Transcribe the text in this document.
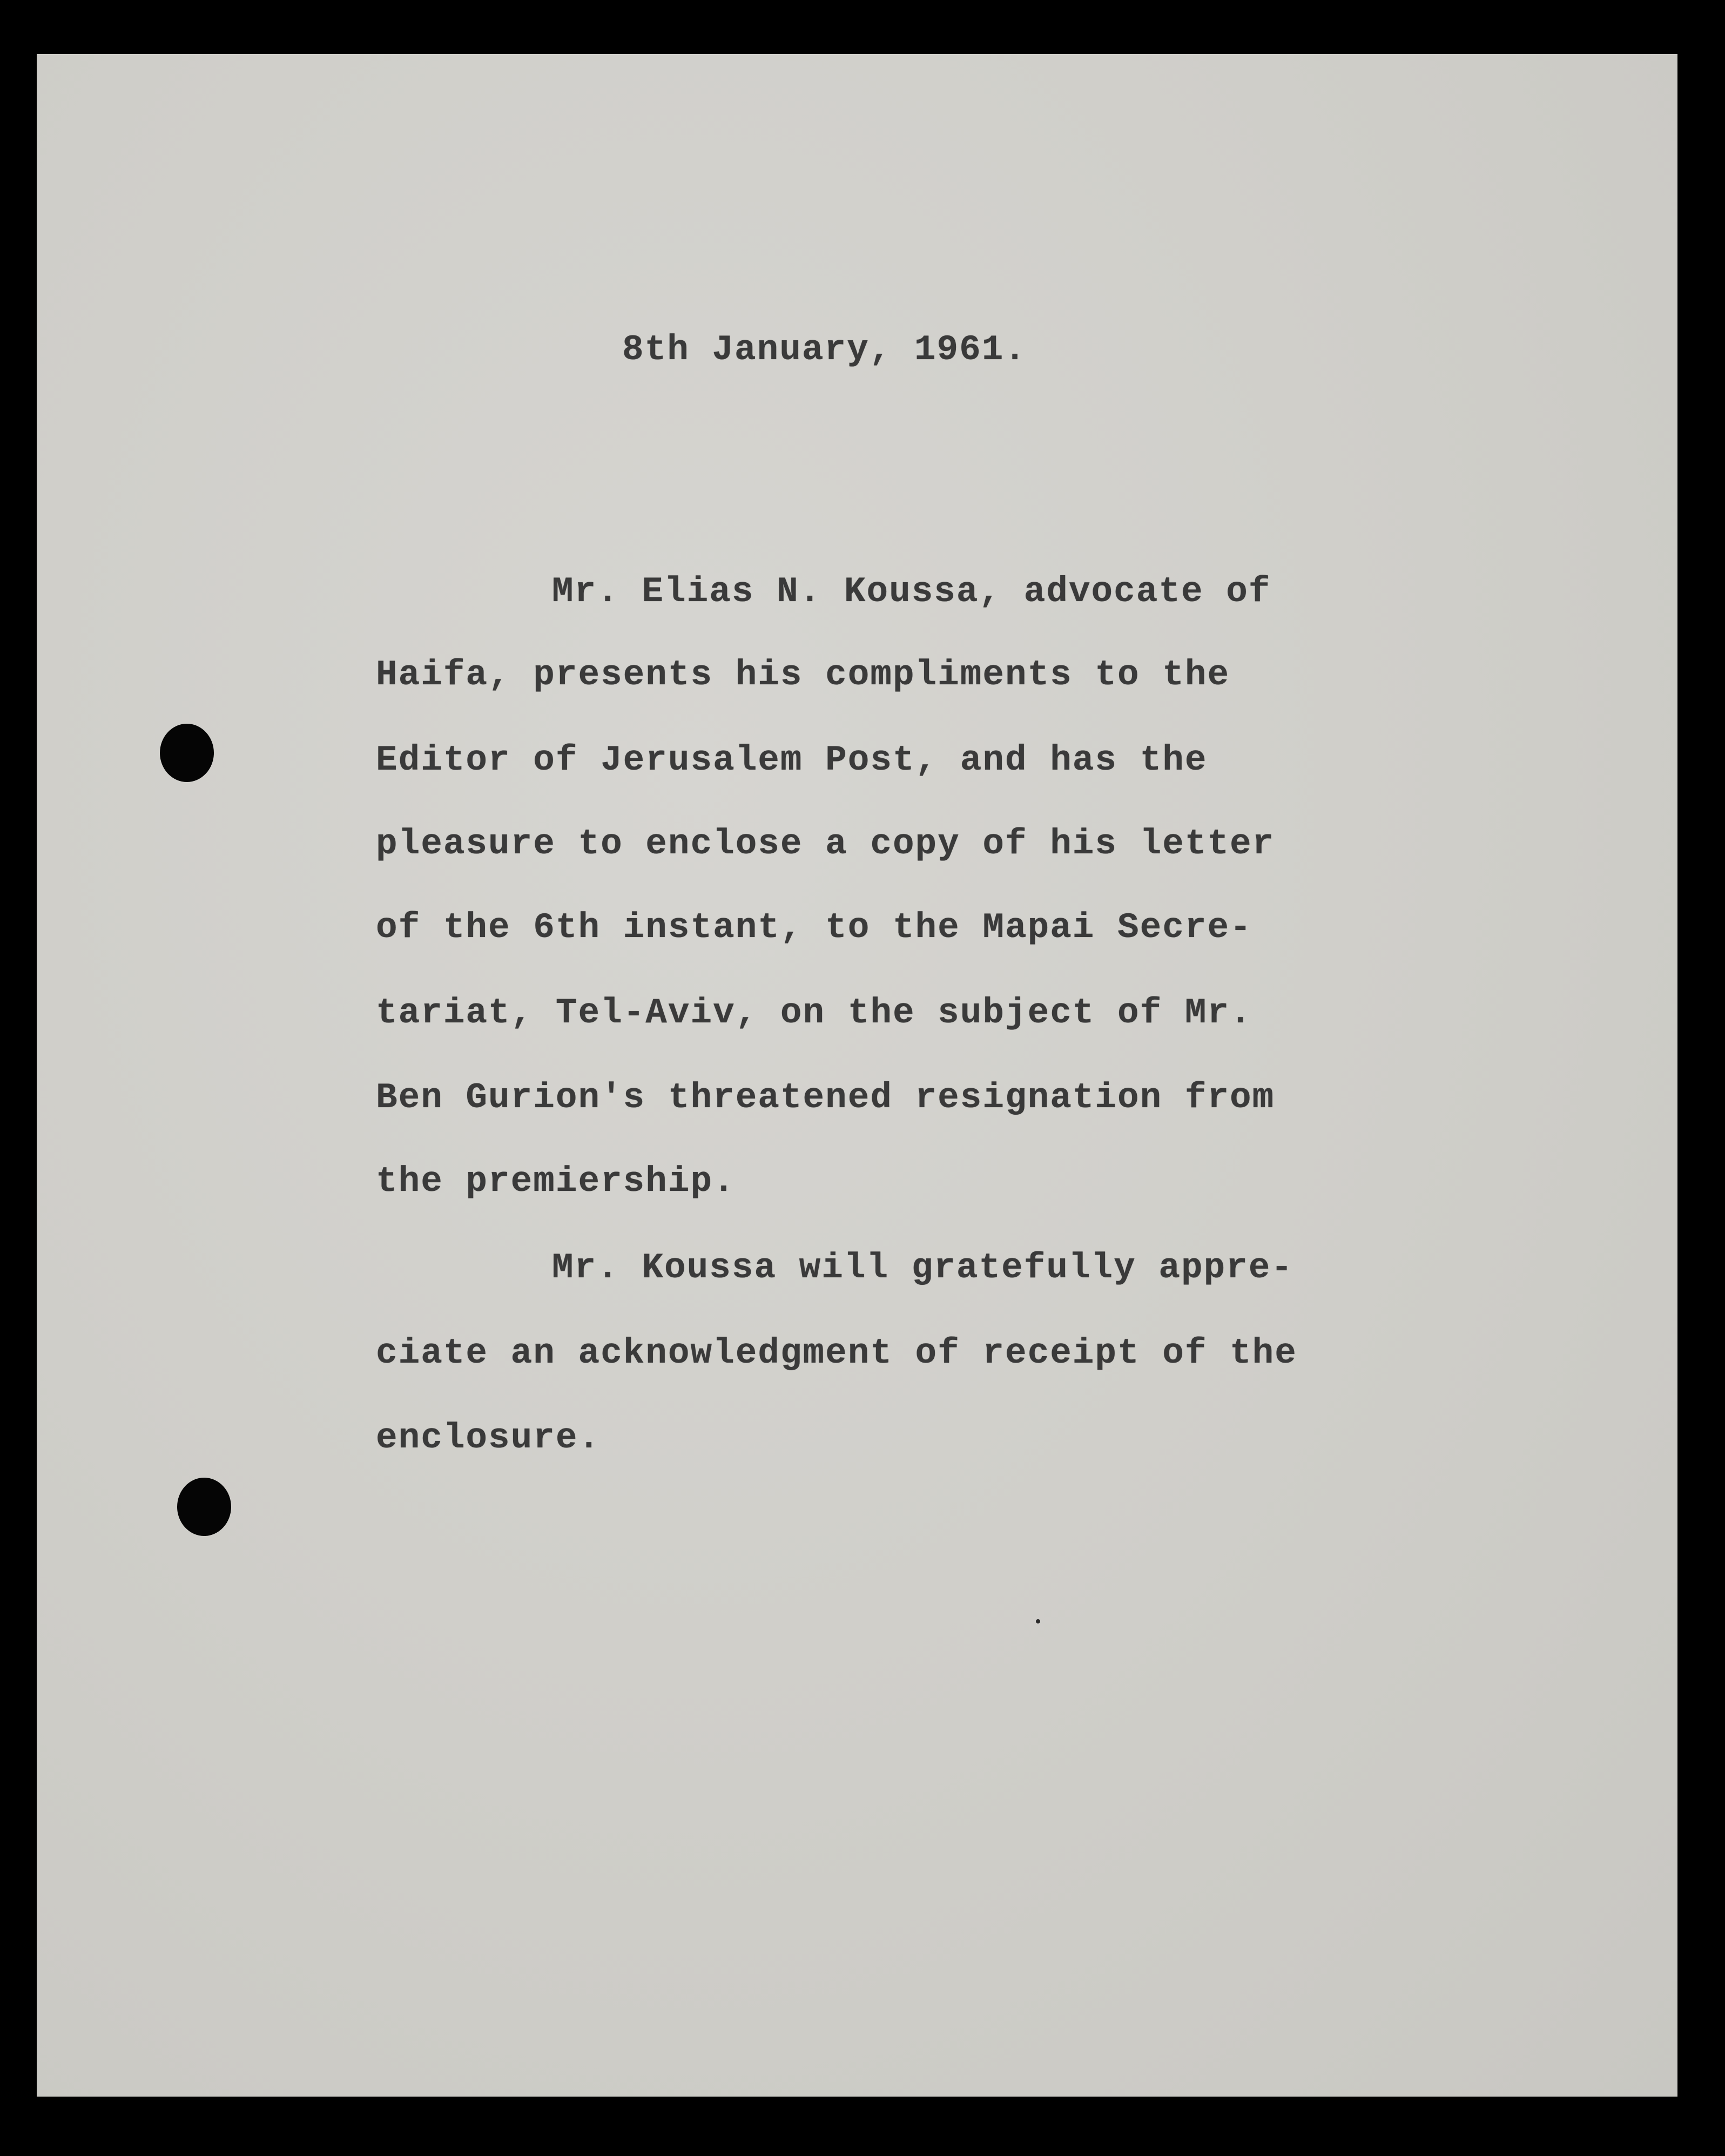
8th January, 1961.

Mr. Elias N. Koussa, advocate of

Haifa, presents his compliments to the

Editor of Jerusalem Post, and has the

pleasure to enclose a copy of his letter

of the 6th instant, to the Mapai Secre-

tariat, Tel-Aviv, on the subject of Mr.

Ben Gurion's threatened resignation from

the premiership.

Mr. Koussa will gratefully appre-

ciate an acknowledgment of receipt of the

enclosure.
